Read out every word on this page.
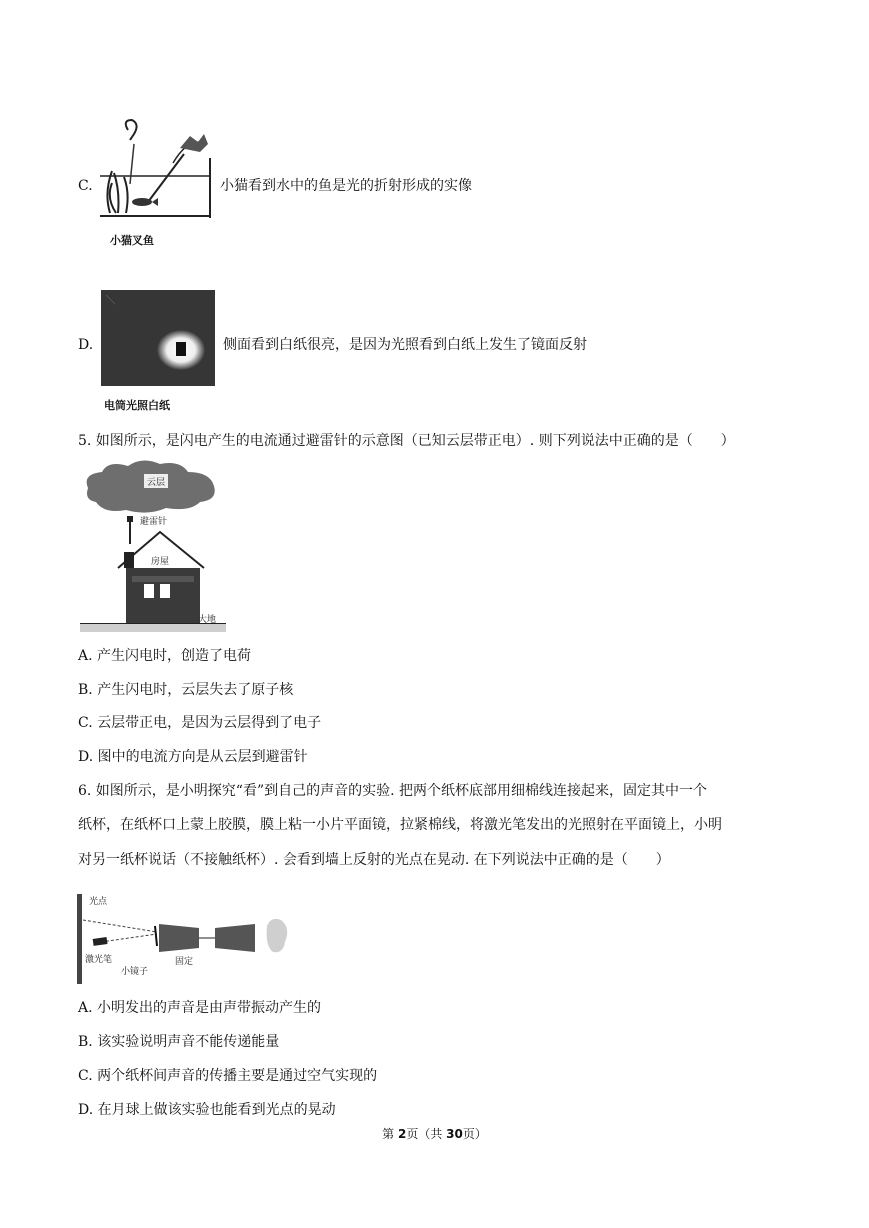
C.	小猫看到水中的鱼是光的折射形成的实像
小猫叉鱼
D.	侧面看到白纸很亮，是因为光照看到白纸上发生了镜面反射
电筒光照白纸
5. 如图所示，是闪电产生的电流通过避雷针的示意图（已知云层带正电）. 则下列说法中正确的是（　　）
云层
避雷针
房屋
大地
A. 产生闪电时，创造了电荷
B. 产生闪电时，云层失去了原子核
C. 云层带正电，是因为云层得到了电子
D. 图中的电流方向是从云层到避雷针
6. 如图所示，是小明探究“看”到自己的声音的实验. 把两个纸杯底部用细棉线连接起来，固定其中一个
纸杯，在纸杯口上蒙上胶膜，膜上粘一小片平面镜，拉紧棉线，将激光笔发出的光照射在平面镜上，小明
对另一纸杯说话（不接触纸杯）. 会看到墙上反射的光点在晃动. 在下列说法中正确的是（　　）
光点
激光笔
小镜子
固定
A. 小明发出的声音是由声带振动产生的
B. 该实验说明声音不能传递能量
C. 两个纸杯间声音的传播主要是通过空气实现的
D. 在月球上做该实验也能看到光点的晃动
第 2页（共 30页）
